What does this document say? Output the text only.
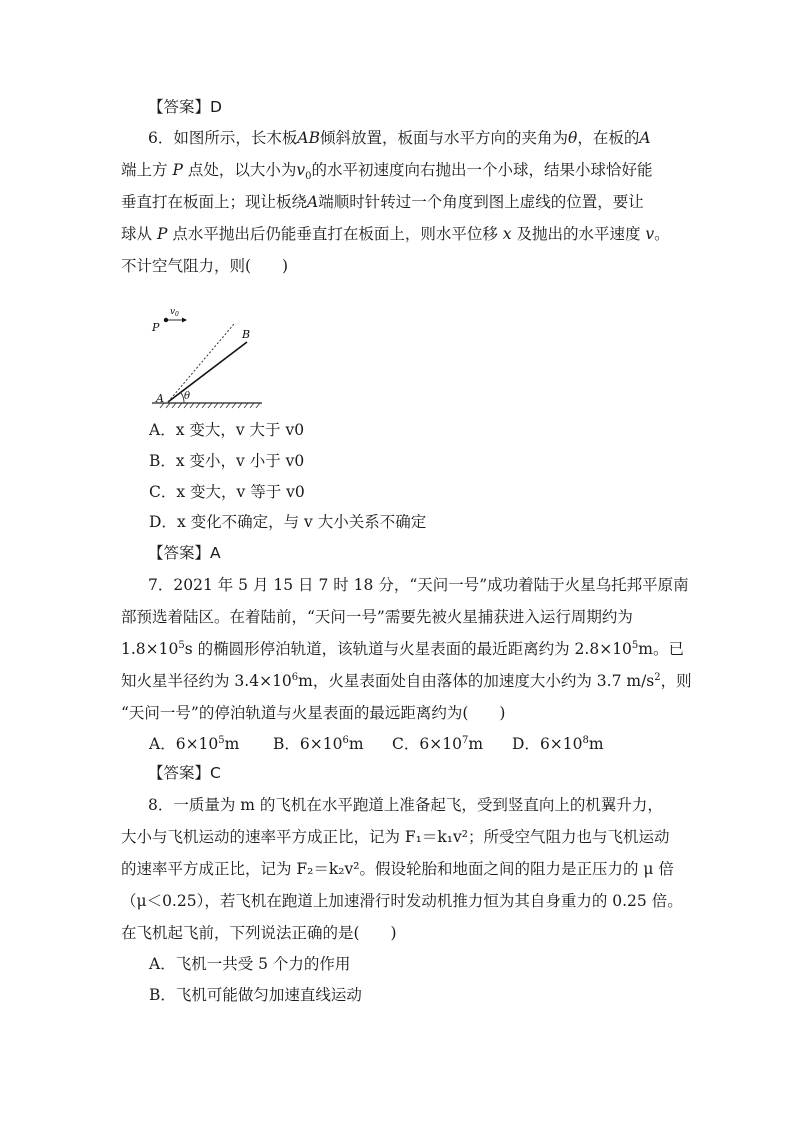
【答案】D
6．如图所示，长木板AB倾斜放置，板面与水平方向的夹角为θ，在板的A
端上方 P 点处，以大小为$v_0$的水平初速度向右抛出一个小球，结果小球恰好能
垂直打在板面上；现让板绕A端顺时针转过一个角度到图上虚线的位置，要让
球从 P 点水平抛出后仍能垂直打在板面上，则水平位移 x 及抛出的水平速度 v。
不计空气阻力，则(　　)
P
v 0
B
A θ
A．x 变大，v 大于 v0
B．x 变小，v 小于 v0
C．x 变大，v 等于 v0
D．x 变化不确定，与 v 大小关系不确定
【答案】A
7．2021 年 5 月 15 日 7 时 18 分，“天问一号”成功着陆于火星乌托邦平原南
部预选着陆区。在着陆前，“天问一号”需要先被火星捕获进入运行周期约为
$1.8\times 10^5s$ 的椭圆形停泊轨道，该轨道与火星表面的最近距离约为 $2.8\times 10^5m$。已
知火星半径约为 $3.4\times 10^6m$，火星表面处自由落体的加速度大小约为 3.7 $m/s^2$，则
“天问一号”的停泊轨道与火星表面的最远距离约为(　　)
A．$6\times 10^5m$ B．$6\times 10^6m$ C．$6\times 10^7m$ D．$6\times 10^8m$
【答案】C
8．一质量为 m 的飞机在水平跑道上准备起飞，受到竖直向上的机翼升力，
大小与飞机运动的速率平方成正比，记为 F₁＝k₁v²；所受空气阻力也与飞机运动
的速率平方成正比，记为 F₂＝k₂v²。假设轮胎和地面之间的阻力是正压力的 μ 倍
（μ＜0.25），若飞机在跑道上加速滑行时发动机推力恒为其自身重力的 0.25 倍。
在飞机起飞前，下列说法正确的是(　　)
A．飞机一共受 5 个力的作用
B．飞机可能做匀加速直线运动
